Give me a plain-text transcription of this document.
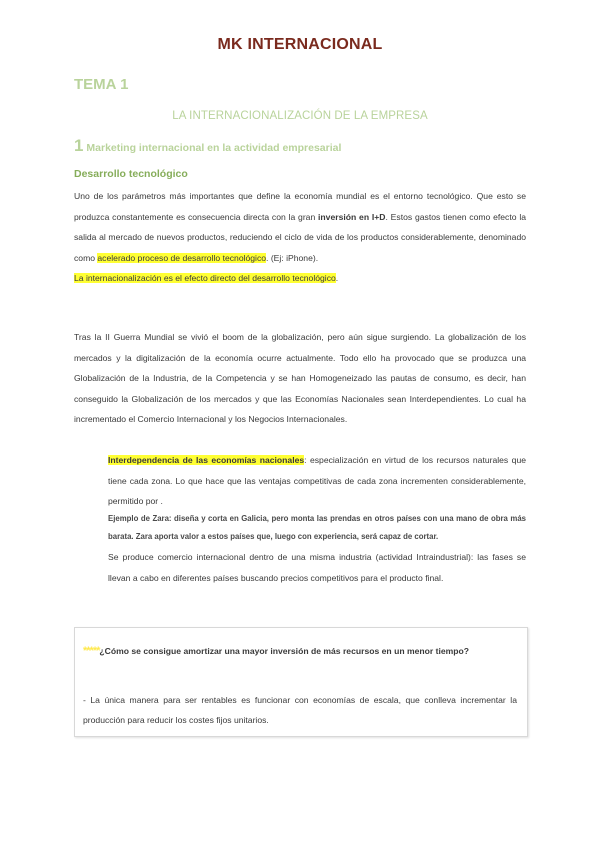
MK INTERNACIONAL
TEMA 1
LA INTERNACIONALIZACIÓN DE LA EMPRESA
1 Marketing internacional en la actividad empresarial
Desarrollo tecnológico
Uno de los parámetros más importantes que define la economía mundial es el entorno tecnológico. Que esto se produzca constantemente es consecuencia directa con la gran inversión en I+D. Estos gastos tienen como efecto la salida al mercado de nuevos productos, reduciendo el ciclo de vida de los productos considerablemente, denominado como acelerado proceso de desarrollo tecnológico. (Ej: iPhone).
La internacionalización es el efecto directo del desarrollo tecnológico.
Tras la II Guerra Mundial se vivió el boom de la globalización, pero aún sigue surgiendo. La globalización de los mercados y la digitalización de la economía ocurre actualmente. Todo ello ha provocado que se produzca una Globalización de la Industria, de la Competencia y se han Homogeneizado las pautas de consumo, es decir, han conseguido la Globalización de los mercados y que las Economías Nacionales sean Interdependientes. Lo cual ha incrementado el Comercio Internacional y los Negocios Internacionales.
Interdependencia de las economías nacionales: especialización en virtud de los recursos naturales que tiene cada zona. Lo que hace que las ventajas competitivas de cada zona incrementen considerablemente, permitido por .
Ejemplo de Zara: diseña y corta en Galicia, pero monta las prendas en otros países con una mano de obra más barata. Zara aporta valor a estos países que, luego con experiencia, será capaz de cortar.
Se produce comercio internacional dentro de una misma industria (actividad Intraindustrial): las fases se llevan a cabo en diferentes países buscando precios competitivos para el producto final.
*****¿Cómo se consigue amortizar una mayor inversión de más recursos en un menor tiempo?
- La única manera para ser rentables es funcionar con economías de escala, que conlleva incrementar la producción para reducir los costes fijos unitarios.
